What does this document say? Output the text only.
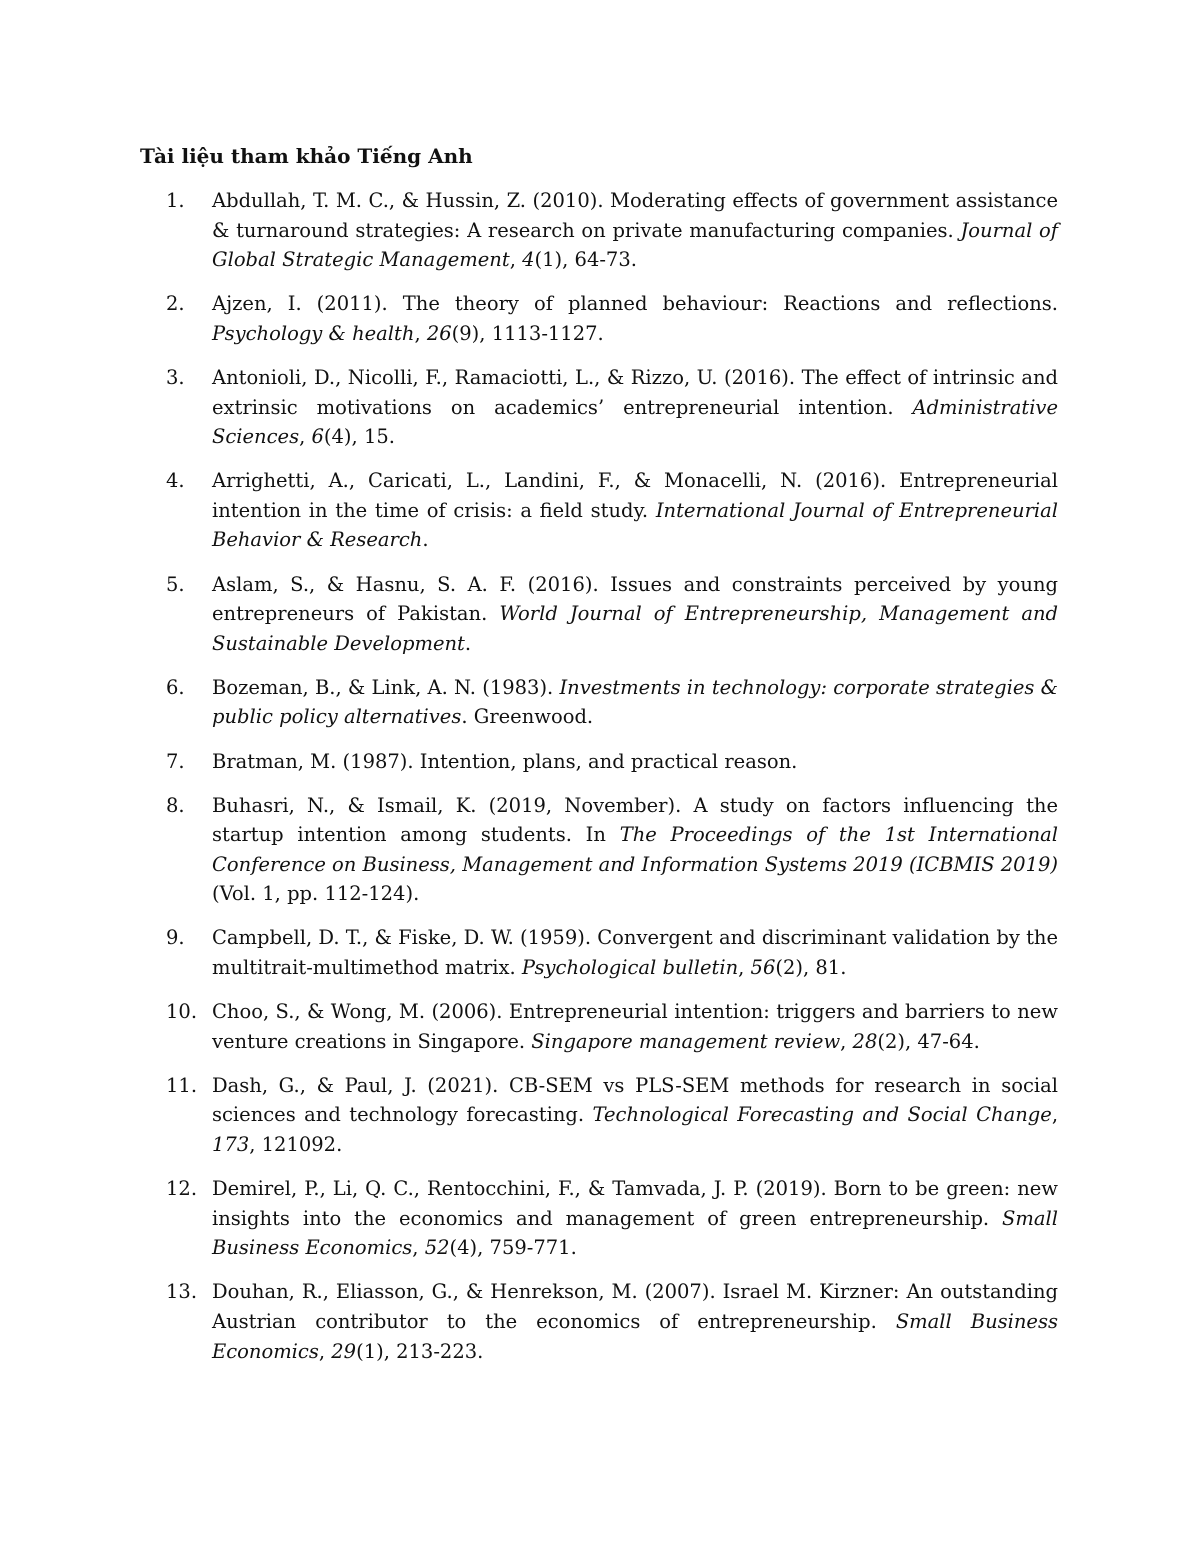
Tài liệu tham khảo Tiếng Anh
1.	Abdullah, T. M. C., & Hussin, Z. (2010). Moderating effects of government assistance & turnaround strategies: A research on private manufacturing companies. Journal of Global Strategic Management, 4(1), 64-73.
2.	Ajzen, I. (2011). The theory of planned behaviour: Reactions and reflections. Psychology & health, 26(9), 1113-1127.
3.	Antonioli, D., Nicolli, F., Ramaciotti, L., & Rizzo, U. (2016). The effect of intrinsic and extrinsic motivations on academics’ entrepreneurial intention. Administrative Sciences, 6(4), 15.
4.	Arrighetti, A., Caricati, L., Landini, F., & Monacelli, N. (2016). Entrepreneurial intention in the time of crisis: a field study. International Journal of Entrepreneurial Behavior & Research.
5.	Aslam, S., & Hasnu, S. A. F. (2016). Issues and constraints perceived by young entrepreneurs of Pakistan. World Journal of Entrepreneurship, Management and Sustainable Development.
6.	Bozeman, B., & Link, A. N. (1983). Investments in technology: corporate strategies & public policy alternatives. Greenwood.
7.	Bratman, M. (1987). Intention, plans, and practical reason.
8.	Buhasri, N., & Ismail, K. (2019, November). A study on factors influencing the startup intention among students. In The Proceedings of the 1st International Conference on Business, Management and Information Systems 2019 (ICBMIS 2019) (Vol. 1, pp. 112-124).
9.	Campbell, D. T., & Fiske, D. W. (1959). Convergent and discriminant validation by the multitrait-multimethod matrix. Psychological bulletin, 56(2), 81.
10. Choo, S., & Wong, M. (2006). Entrepreneurial intention: triggers and barriers to new venture creations in Singapore. Singapore management review, 28(2), 47-64.
11. Dash, G., & Paul, J. (2021). CB-SEM vs PLS-SEM methods for research in social sciences and technology forecasting. Technological Forecasting and Social Change, 173, 121092.
12. Demirel, P., Li, Q. C., Rentocchini, F., & Tamvada, J. P. (2019). Born to be green: new insights into the economics and management of green entrepreneurship. Small Business Economics, 52(4), 759-771.
13. Douhan, R., Eliasson, G., & Henrekson, M. (2007). Israel M. Kirzner: An outstanding Austrian contributor to the economics of entrepreneurship. Small Business Economics, 29(1), 213-223.
